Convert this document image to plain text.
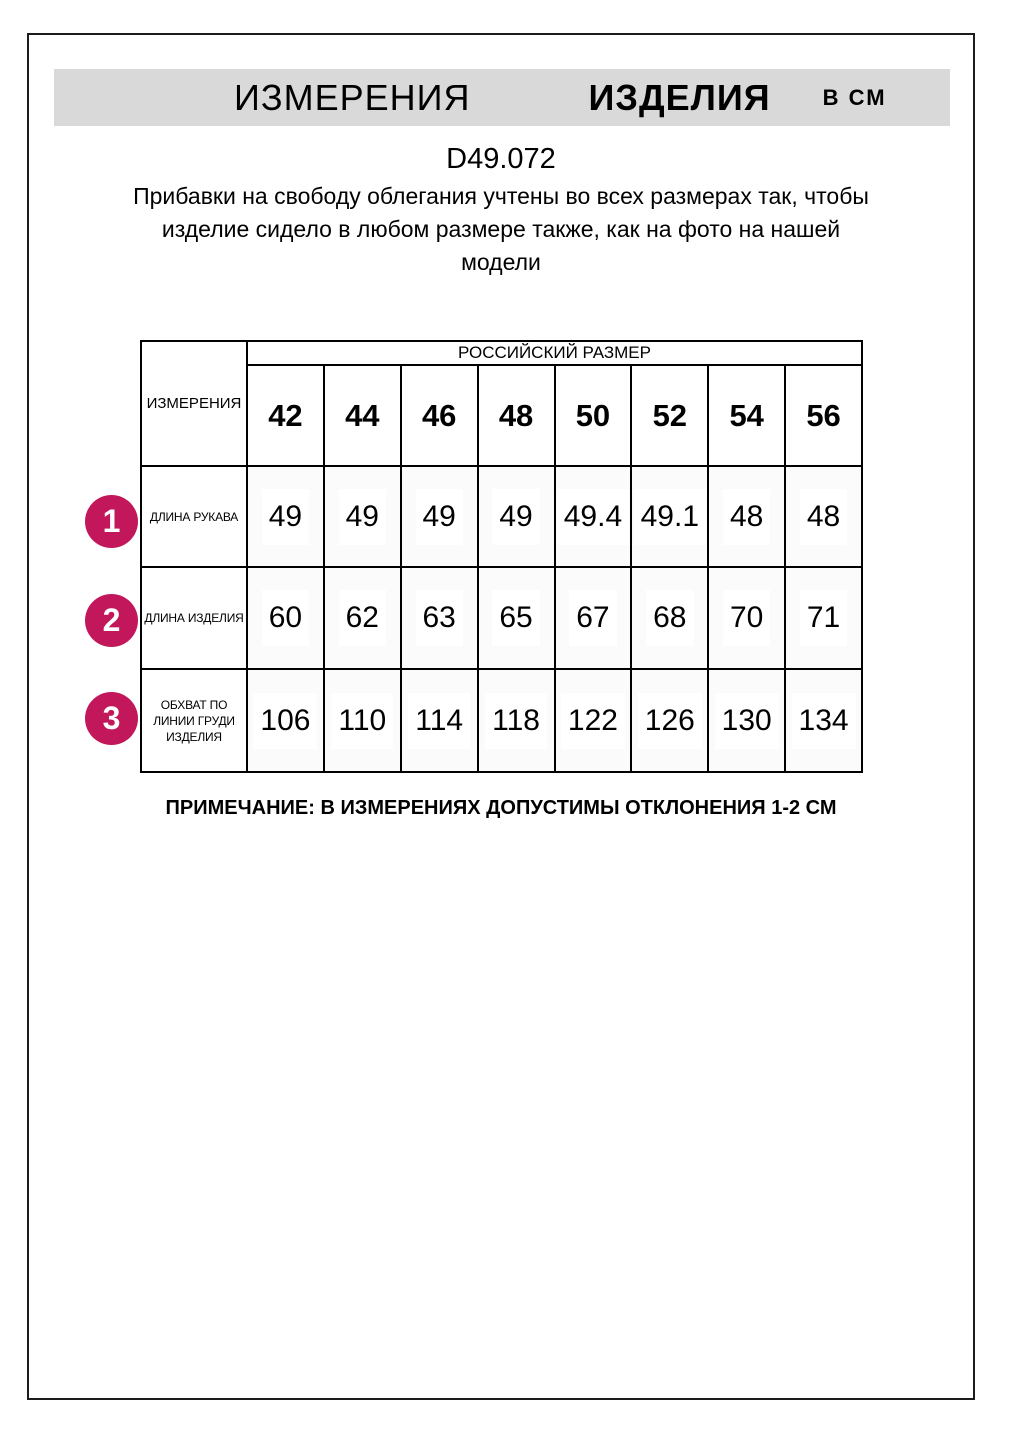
ИЗМЕРЕНИЯ	ИЗДЕЛИЯ В СМ
D49.072
Прибавки на свободу облегания учтены во всех размерах так, чтобы
изделие сидело в любом размере также, как на фото на нашей
модели
ИЗМЕРЕНИЯ	РОССИЙСКИЙ РАЗМЕР							
	42	44	46	48	50	52	54	56
ДЛИНА РУКАВА	49	49	49	49	49.4	49.1	48	48
ДЛИНА ИЗДЕЛИЯ	60	62	63	65	67	68	70	71
ОБХВАТ ПО ЛИНИИ ГРУДИ ИЗДЕЛИЯ	106	110	114	118	122	126	130	134
1
2
3
ПРИМЕЧАНИЕ: В ИЗМЕРЕНИЯХ ДОПУСТИМЫ ОТКЛОНЕНИЯ 1-2 СМ
